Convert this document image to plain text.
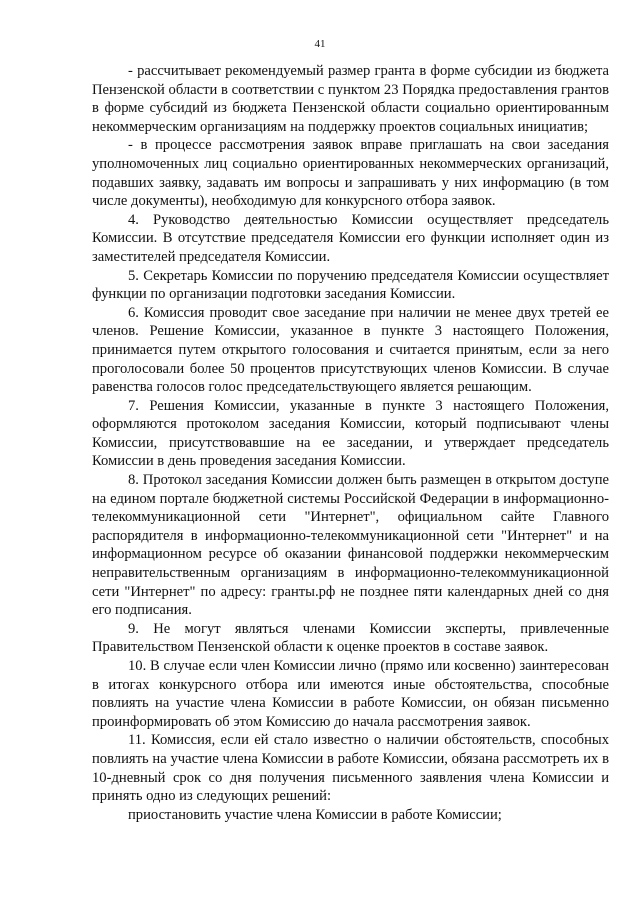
41

- рассчитывает рекомендуемый размер гранта в форме субсидии из бюджета Пензенской области в соответствии с пунктом 23 Порядка предоставления грантов в форме субсидий из бюджета Пензенской области социально ориентированным некоммерческим организациям на поддержку проектов социальных инициатив;

- в процессе рассмотрения заявок вправе приглашать на свои заседания уполномоченных лиц социально ориентированных некоммерческих организаций, подавших заявку, задавать им вопросы и запрашивать у них информацию (в том числе документы), необходимую для конкурсного отбора заявок.

4. Руководство деятельностью Комиссии осуществляет председатель Комиссии. В отсутствие председателя Комиссии его функции исполняет один из заместителей председателя Комиссии.

5. Секретарь Комиссии по поручению председателя Комиссии осуществляет функции по организации подготовки заседания Комиссии.

6. Комиссия проводит свое заседание при наличии не менее двух третей ее членов. Решение Комиссии, указанное в пункте 3 настоящего Положения, принимается путем открытого голосования и считается принятым, если за него проголосовали более 50 процентов присутствующих членов Комиссии. В случае равенства голосов голос председательствующего является решающим.

7. Решения Комиссии, указанные в пункте 3 настоящего Положения, оформляются протоколом заседания Комиссии, который подписывают члены Комиссии, присутствовавшие на ее заседании, и утверждает председатель Комиссии в день проведения заседания Комиссии.

8. Протокол заседания Комиссии должен быть размещен в открытом доступе на едином портале бюджетной системы Российской Федерации в информационно-телекоммуникационной сети "Интернет", официальном сайте Главного распорядителя в информационно-телекоммуникационной сети "Интернет" и на информационном ресурсе об оказании финансовой поддержки некоммерческим неправительственным организациям в информационно-телекоммуникационной сети "Интернет" по адресу: гранты.рф не позднее пяти календарных дней со дня его подписания.

9. Не могут являться членами Комиссии эксперты, привлеченные Правительством Пензенской области к оценке проектов в составе заявок.

10. В случае если член Комиссии лично (прямо или косвенно) заинтересован в итогах конкурсного отбора или имеются иные обстоятельства, способные повлиять на участие члена Комиссии в работе Комиссии, он обязан письменно проинформировать об этом Комиссию до начала рассмотрения заявок.

11. Комиссия, если ей стало известно о наличии обстоятельств, способных повлиять на участие члена Комиссии в работе Комиссии, обязана рассмотреть их в 10-дневный срок со дня получения письменного заявления члена Комиссии и принять одно из следующих решений:

приостановить участие члена Комиссии в работе Комиссии;
